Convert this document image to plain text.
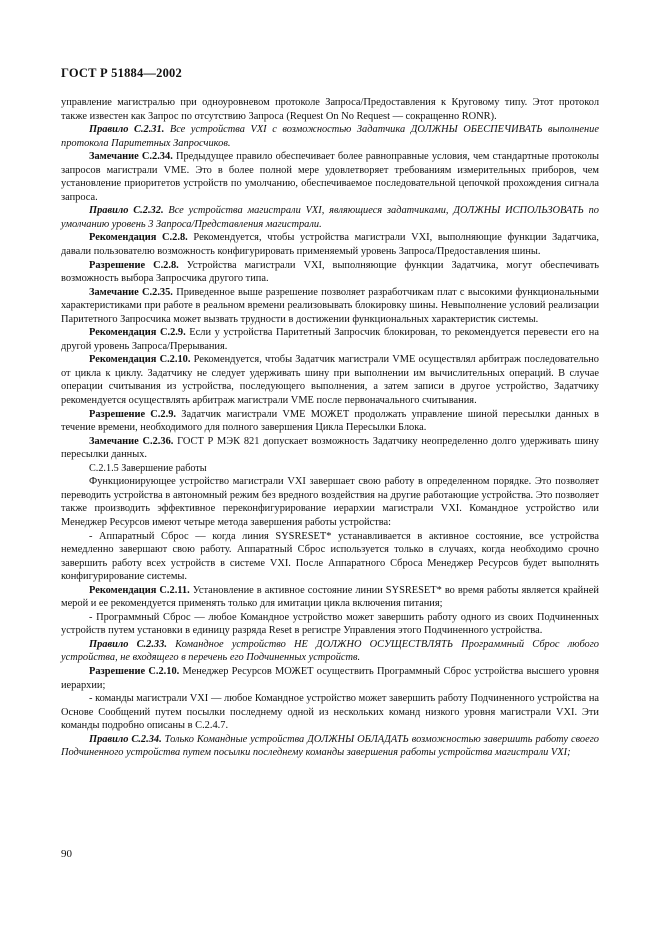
ГОСТ Р 51884—2002

управление магистралью при одноуровневом протоколе Запроса/Предоставления к Круговому типу. Этот протокол также известен как Запрос по отсутствию Запроса (Request On No Request — сокращенно RONR).

Правило С.2.31. Все устройства VXI с возможностью Задатчика ДОЛЖНЫ ОБЕСПЕЧИВАТЬ выполнение протокола Паритетных Запросчиков.

Замечание С.2.34. Предыдущее правило обеспечивает более равноправные условия, чем стандартные протоколы запросов магистрали VME. Это в более полной мере удовлетворяет требованиям измерительных приборов, чем установление приоритетов устройств по умолчанию, обеспечиваемое последовательной цепочкой прохождения сигнала запроса.

Правило С.2.32. Все устройства магистрали VXI, являющиеся задатчиками, ДОЛЖНЫ ИСПОЛЬЗОВАТЬ по умолчанию уровень 3 Запроса/Представления магистрали.

Рекомендация С.2.8. Рекомендуется, чтобы устройства магистрали VXI, выполняющие функции Задатчика, давали пользователю возможность конфигурировать применяемый уровень Запроса/Предоставления шины.

Разрешение С.2.8. Устройства магистрали VXI, выполняющие функции Задатчика, могут обеспечивать возможность выбора Запросчика другого типа.

Замечание С.2.35. Приведенное выше разрешение позволяет разработчикам плат с высокими функциональными характеристиками при работе в реальном времени реализовывать блокировку шины. Невыполнение условий реализации Паритетного Запросчика может вызвать трудности в достижении функциональных характеристик системы.

Рекомендация С.2.9. Если у устройства Паритетный Запросчик блокирован, то рекомендуется перевести его на другой уровень Запроса/Прерывания.

Рекомендация С.2.10. Рекомендуется, чтобы Задатчик магистрали VME осуществлял арбитраж последовательно от цикла к циклу. Задатчику не следует удерживать шину при выполнении им вычислительных операций. В случае операции считывания из устройства, последующего выполнения, а затем записи в другое устройство, Задатчику рекомендуется осуществлять арбитраж магистрали VME после первоначального считывания.

Разрешение С.2.9. Задатчик магистрали VME МОЖЕТ продолжать управление шиной пересылки данных в течение времени, необходимого для полного завершения Цикла Пересылки Блока.

Замечание С.2.36. ГОСТ Р МЭК 821 допускает возможность Задатчику неопределенно долго удерживать шину пересылки данных.

С.2.1.5 Завершение работы

Функционирующее устройство магистрали VXI завершает свою работу в определенном порядке. Это позволяет переводить устройства в автономный режим без вредного воздействия на другие работающие устройства. Это позволяет также производить эффективное переконфигурирование иерархии магистрали VXI. Командное устройство или Менеджер Ресурсов имеют четыре метода завершения работы устройства:

- Аппаратный Сброс — когда линия SYSRESET* устанавливается в активное состояние, все устройства немедленно завершают свою работу. Аппаратный Сброс используется только в случаях, когда необходимо срочно завершить работу всех устройств в системе VXI. После Аппаратного Сброса Менеджер Ресурсов будет выполнять конфигурирование системы.

Рекомендация С.2.11. Установление в активное состояние линии SYSRESET* во время работы является крайней мерой и ее рекомендуется применять только для имитации цикла включения питания;

- Программный Сброс — любое Командное устройство может завершить работу одного из своих Подчиненных устройств путем установки в единицу разряда Reset в регистре Управления этого Подчиненного устройства.

Правило С.2.33. Командное устройство НЕ ДОЛЖНО ОСУЩЕСТВЛЯТЬ Программный Сброс любого устройства, не входящего в перечень его Подчиненных устройств.

Разрешение С.2.10. Менеджер Ресурсов МОЖЕТ осуществить Программный Сброс устройства высшего уровня иерархии;

- команды магистрали VXI — любое Командное устройство может завершить работу Подчиненного устройства на Основе Сообщений путем посылки последнему одной из нескольких команд низкого уровня магистрали VXI. Эти команды подробно описаны в С.2.4.7.

Правило С.2.34. Только Командные устройства ДОЛЖНЫ ОБЛАДАТЬ возможностью завершить работу своего Подчиненного устройства путем посылки последнему команды завершения работы устройства магистрали VXI;

90
